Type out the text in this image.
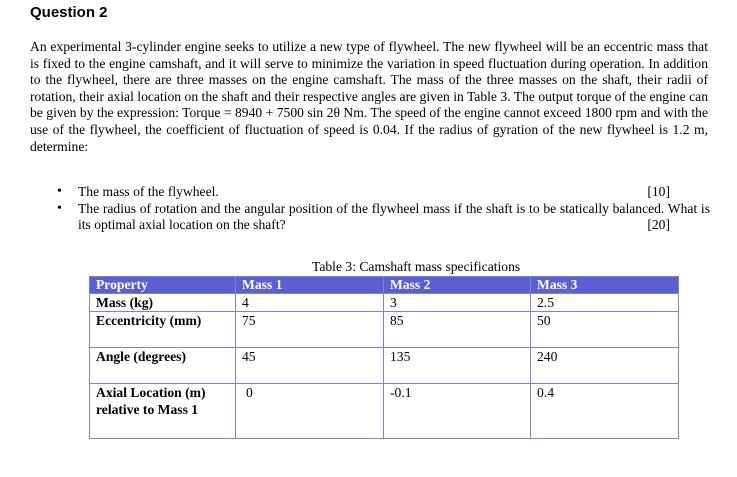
Question 2

An experimental 3-cylinder engine seeks to utilize a new type of flywheel. The new flywheel will be an eccentric mass that is fixed to the engine camshaft, and it will serve to minimize the variation in speed fluctuation during operation. In addition to the flywheel, there are three masses on the engine camshaft. The mass of the three masses on the shaft, their radii of rotation, their axial location on the shaft and their respective angles are given in Table 3. The output torque of the engine can be given by the expression: Torque = 8940 + 7500 sin 2θ Nm. The speed of the engine cannot exceed 1800 rpm and with the use of the flywheel, the coefficient of fluctuation of speed is 0.04. If the radius of gyration of the new flywheel is 1.2 m, determine:

• The mass of the flywheel.	[10]
• The radius of rotation and the angular position of the flywheel mass if the shaft is to be statically balanced. What is its optimal axial location on the shaft?	[20]
Table 3: Camshaft mass specifications
Property	Mass 1	Mass 2	Mass 3
Mass (kg)	4	3	2.5
Eccentricity (mm)	75	85	50
Angle (degrees)	45	135	240
Axial Location (m) relative to Mass 1	0	-0.1	0.4
